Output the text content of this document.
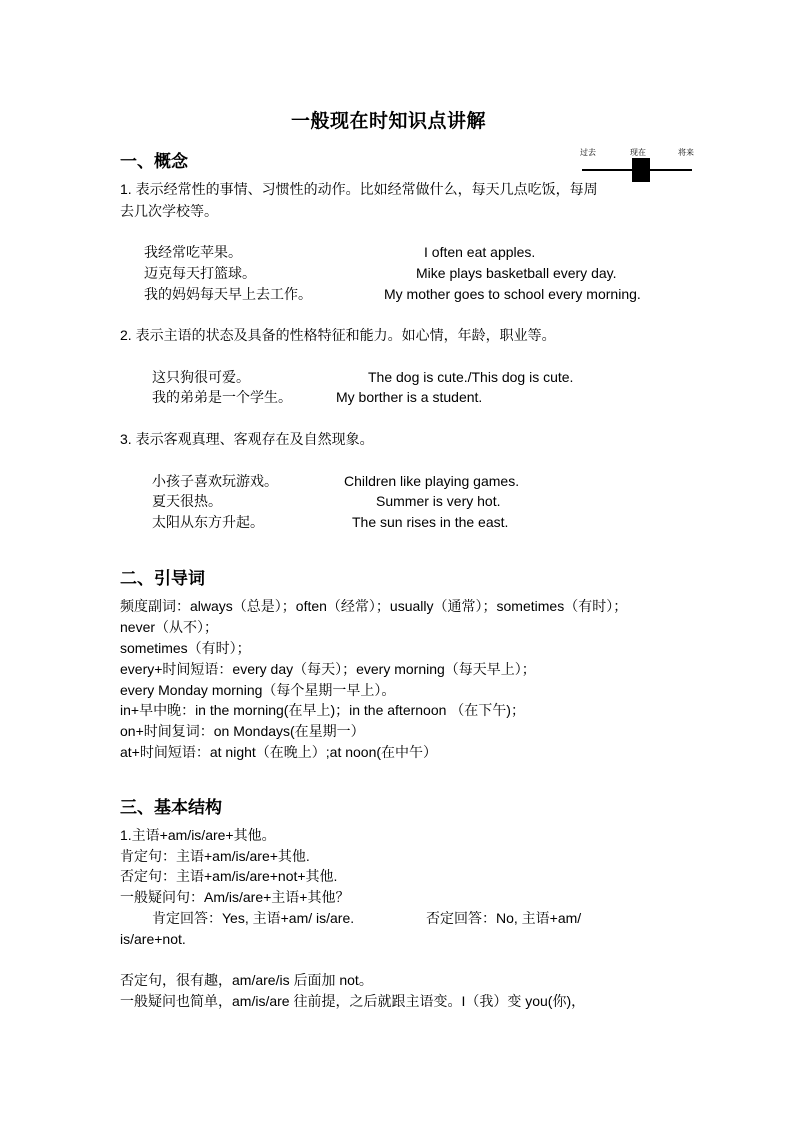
一般现在时知识点讲解
过去	现在	将来
一、概念
1. 表示经常性的事情、习惯性的动作。比如经常做什么，每天几点吃饭，每周
去几次学校等。
我经常吃苹果。	I often eat apples.
迈克每天打篮球。	Mike plays basketball every day.
我的妈妈每天早上去工作。	My mother goes to school every morning.
2. 表示主语的状态及具备的性格特征和能力。如心情，年龄，职业等。
这只狗很可爱。	The dog is cute./This dog is cute.
我的弟弟是一个学生。	My borther is a student.
3. 表示客观真理、客观存在及自然现象。
小孩子喜欢玩游戏。	Children like playing games.
夏天很热。	Summer is very hot.
太阳从东方升起。	The sun rises in the east.
二、引导词
频度副词：always（总是）；often（经常）；usually（通常）；sometimes（有时）；
never（从不）；
sometimes（有时）；
every+时间短语：every day（每天）；every morning（每天早上）；
every Monday morning（每个星期一早上）。
in+早中晚：in the morning(在早上)；in the afternoon （在下午)；
on+时间复词：on Mondays(在星期一）
at+时间短语：at night（在晚上）;at noon(在中午）
三、基本结构
1.主语+am/is/are+其他。
肯定句：主语+am/is/are+其他.
否定句：主语+am/is/are+not+其他.
一般疑问句：Am/is/are+主语+其他？
肯定回答：Yes, 主语+am/ is/are.	否定回答：No, 主语+am/
is/are+not.
否定句，很有趣，am/are/is 后面加 not。
一般疑问也简单，am/is/are 往前提，之后就跟主语变。I（我）变 you(你)，
